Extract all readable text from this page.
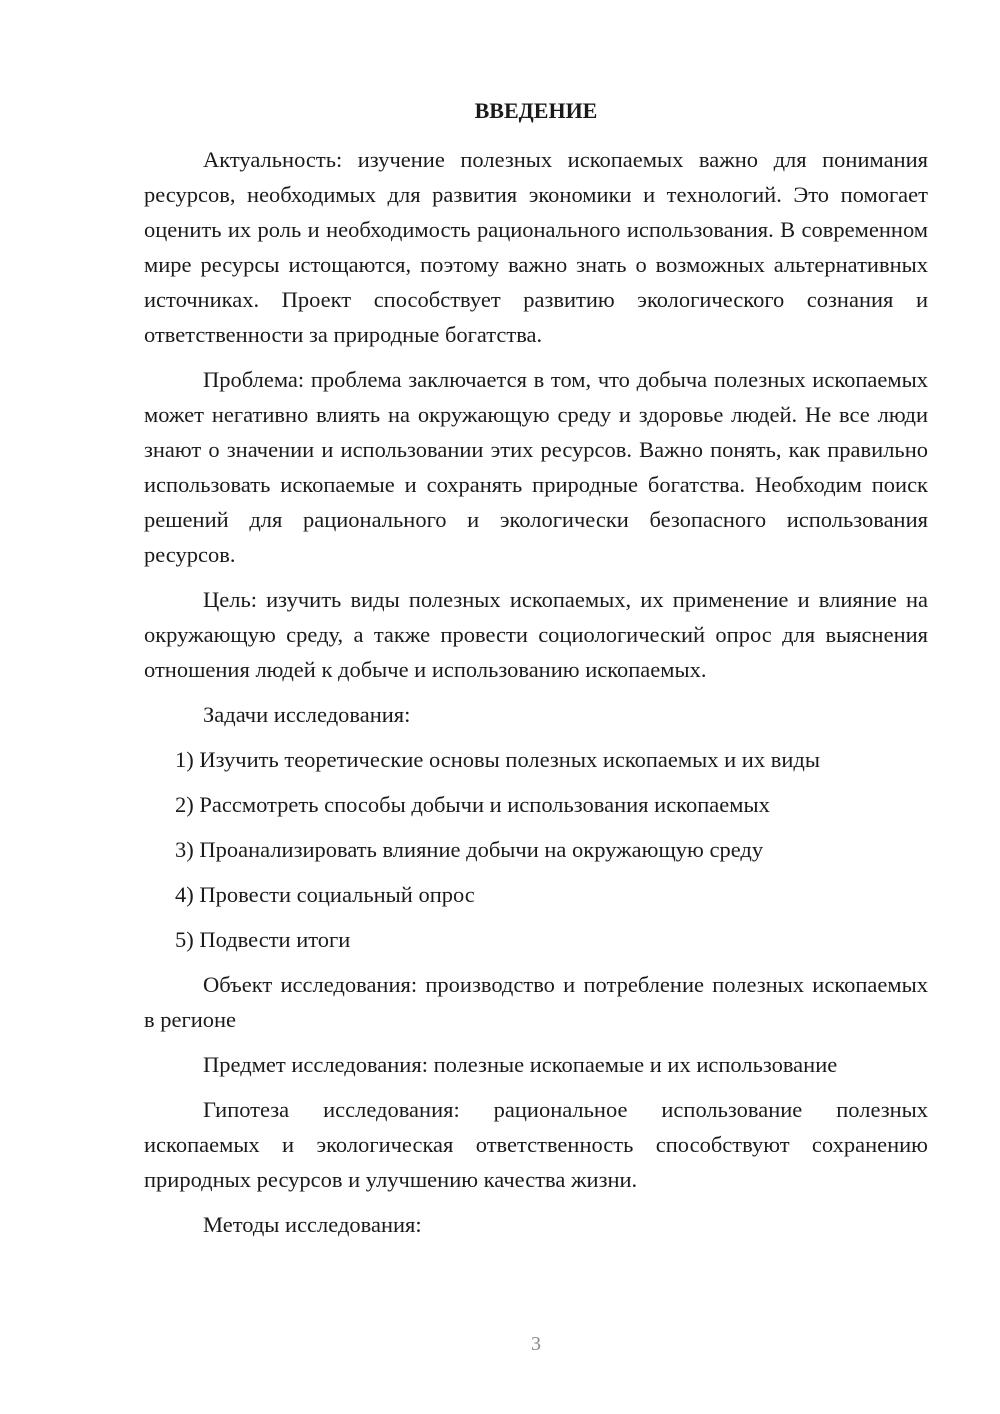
ВВЕДЕНИЕ

Актуальность: изучение полезных ископаемых важно для понимания ресурсов, необходимых для развития экономики и технологий. Это помогает оценить их роль и необходимость рационального использования. В современном мире ресурсы истощаются, поэтому важно знать о возможных альтернативных источниках. Проект способствует развитию экологического сознания и ответственности за природные богатства.

Проблема: проблема заключается в том, что добыча полезных ископаемых может негативно влиять на окружающую среду и здоровье людей. Не все люди знают о значении и использовании этих ресурсов. Важно понять, как правильно использовать ископаемые и сохранять природные богатства. Необходим поиск решений для рационального и экологически безопасного использования ресурсов.

Цель: изучить виды полезных ископаемых, их применение и влияние на окружающую среду, а также провести социологический опрос для выяснения отношения людей к добыче и использованию ископаемых.

Задачи исследования:

1) Изучить теоретические основы полезных ископаемых и их виды
2) Рассмотреть способы добычи и использования ископаемых
3) Проанализировать влияние добычи на окружающую среду
4) Провести социальный опрос
5) Подвести итоги

Объект исследования: производство и потребление полезных ископаемых в регионе

Предмет исследования: полезные ископаемые и их использование

Гипотеза исследования: рациональное использование полезных ископаемых и экологическая ответственность способствуют сохранению природных ресурсов и улучшению качества жизни.

Методы исследования:

3
